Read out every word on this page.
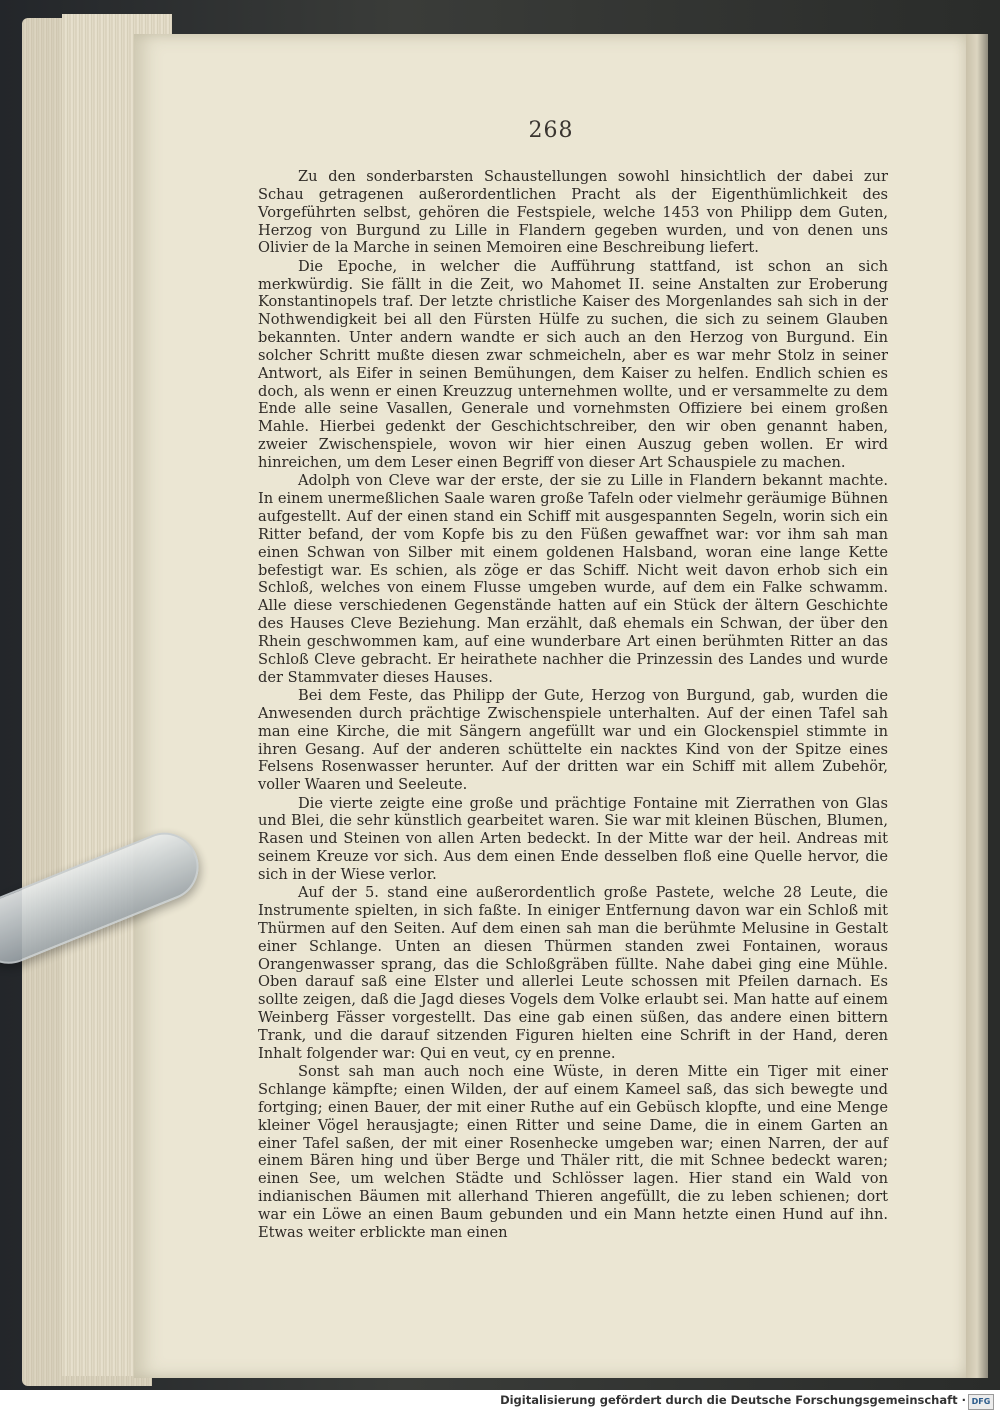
268

Zu den sonderbarsten Schaustellungen sowohl hinsichtlich der dabei zur Schau getragenen außerordentlichen Pracht als der Eigenthümlichkeit des Vorgeführten selbst, gehören die Festspiele, welche 1453 von Philipp dem Guten, Herzog von Burgund zu Lille in Flandern gegeben wurden, und von denen uns Olivier de la Marche in seinen Memoiren eine Beschreibung liefert.

Die Epoche, in welcher die Aufführung stattfand, ist schon an sich merkwürdig. Sie fällt in die Zeit, wo Mahomet II. seine Anstalten zur Eroberung Konstantinopels traf. Der letzte christliche Kaiser des Morgenlandes sah sich in der Nothwendigkeit bei all den Fürsten Hülfe zu suchen, die sich zu seinem Glauben bekannten. Unter andern wandte er sich auch an den Herzog von Burgund. Ein solcher Schritt mußte diesen zwar schmeicheln, aber es war mehr Stolz in seiner Antwort, als Eifer in seinen Bemühungen, dem Kaiser zu helfen. Endlich schien es doch, als wenn er einen Kreuzzug unternehmen wollte, und er versammelte zu dem Ende alle seine Vasallen, Generale und vornehmsten Offiziere bei einem großen Mahle. Hierbei gedenkt der Geschichtschreiber, den wir oben genannt haben, zweier Zwischenspiele, wovon wir hier einen Auszug geben wollen. Er wird hinreichen, um dem Leser einen Begriff von dieser Art Schauspiele zu machen.

Adolph von Cleve war der erste, der sie zu Lille in Flandern bekannt machte. In einem unermeßlichen Saale waren große Tafeln oder vielmehr geräumige Bühnen aufgestellt. Auf der einen stand ein Schiff mit ausgespannten Segeln, worin sich ein Ritter befand, der vom Kopfe bis zu den Füßen gewaffnet war: vor ihm sah man einen Schwan von Silber mit einem goldenen Halsband, woran eine lange Kette befestigt war. Es schien, als zöge er das Schiff. Nicht weit davon erhob sich ein Schloß, welches von einem Flusse umgeben wurde, auf dem ein Falke schwamm. Alle diese verschiedenen Gegenstände hatten auf ein Stück der ältern Geschichte des Hauses Cleve Beziehung. Man erzählt, daß ehemals ein Schwan, der über den Rhein geschwommen kam, auf eine wunderbare Art einen berühmten Ritter an das Schloß Cleve gebracht. Er heirathete nachher die Prinzessin des Landes und wurde der Stammvater dieses Hauses.

Bei dem Feste, das Philipp der Gute, Herzog von Burgund, gab, wurden die Anwesenden durch prächtige Zwischenspiele unterhalten. Auf der einen Tafel sah man eine Kirche, die mit Sängern angefüllt war und ein Glockenspiel stimmte in ihren Gesang. Auf der anderen schüttelte ein nacktes Kind von der Spitze eines Felsens Rosenwasser herunter. Auf der dritten war ein Schiff mit allem Zubehör, voller Waaren und Seeleute.

Die vierte zeigte eine große und prächtige Fontaine mit Zierrathen von Glas und Blei, die sehr künstlich gearbeitet waren. Sie war mit kleinen Büschen, Blumen, Rasen und Steinen von allen Arten bedeckt. In der Mitte war der heil. Andreas mit seinem Kreuze vor sich. Aus dem einen Ende desselben floß eine Quelle hervor, die sich in der Wiese verlor.

Auf der 5. stand eine außerordentlich große Pastete, welche 28 Leute, die Instrumente spielten, in sich faßte. In einiger Entfernung davon war ein Schloß mit Thürmen auf den Seiten. Auf dem einen sah man die berühmte Melusine in Gestalt einer Schlange. Unten an diesen Thürmen standen zwei Fontainen, woraus Orangenwasser sprang, das die Schloßgräben füllte. Nahe dabei ging eine Mühle. Oben darauf saß eine Elster und allerlei Leute schossen mit Pfeilen darnach. Es sollte zeigen, daß die Jagd dieses Vogels dem Volke erlaubt sei. Man hatte auf einem Weinberg Fässer vorgestellt. Das eine gab einen süßen, das andere einen bittern Trank, und die darauf sitzenden Figuren hielten eine Schrift in der Hand, deren Inhalt folgender war: Qui en veut, cy en prenne.

Sonst sah man auch noch eine Wüste, in deren Mitte ein Tiger mit einer Schlange kämpfte; einen Wilden, der auf einem Kameel saß, das sich bewegte und fortging; einen Bauer, der mit einer Ruthe auf ein Gebüsch klopfte, und eine Menge kleiner Vögel herausjagte; einen Ritter und seine Dame, die in einem Garten an einer Tafel saßen, der mit einer Rosenhecke umgeben war; einen Narren, der auf einem Bären hing und über Berge und Thäler ritt, die mit Schnee bedeckt waren; einen See, um welchen Städte und Schlösser lagen. Hier stand ein Wald von indianischen Bäumen mit allerhand Thieren angefüllt, die zu leben schienen; dort war ein Löwe an einen Baum gebunden und ein Mann hetzte einen Hund auf ihn. Etwas weiter erblickte man einen

Digitalisierung gefördert durch die Deutsche Forschungsgemeinschaft · DFG
